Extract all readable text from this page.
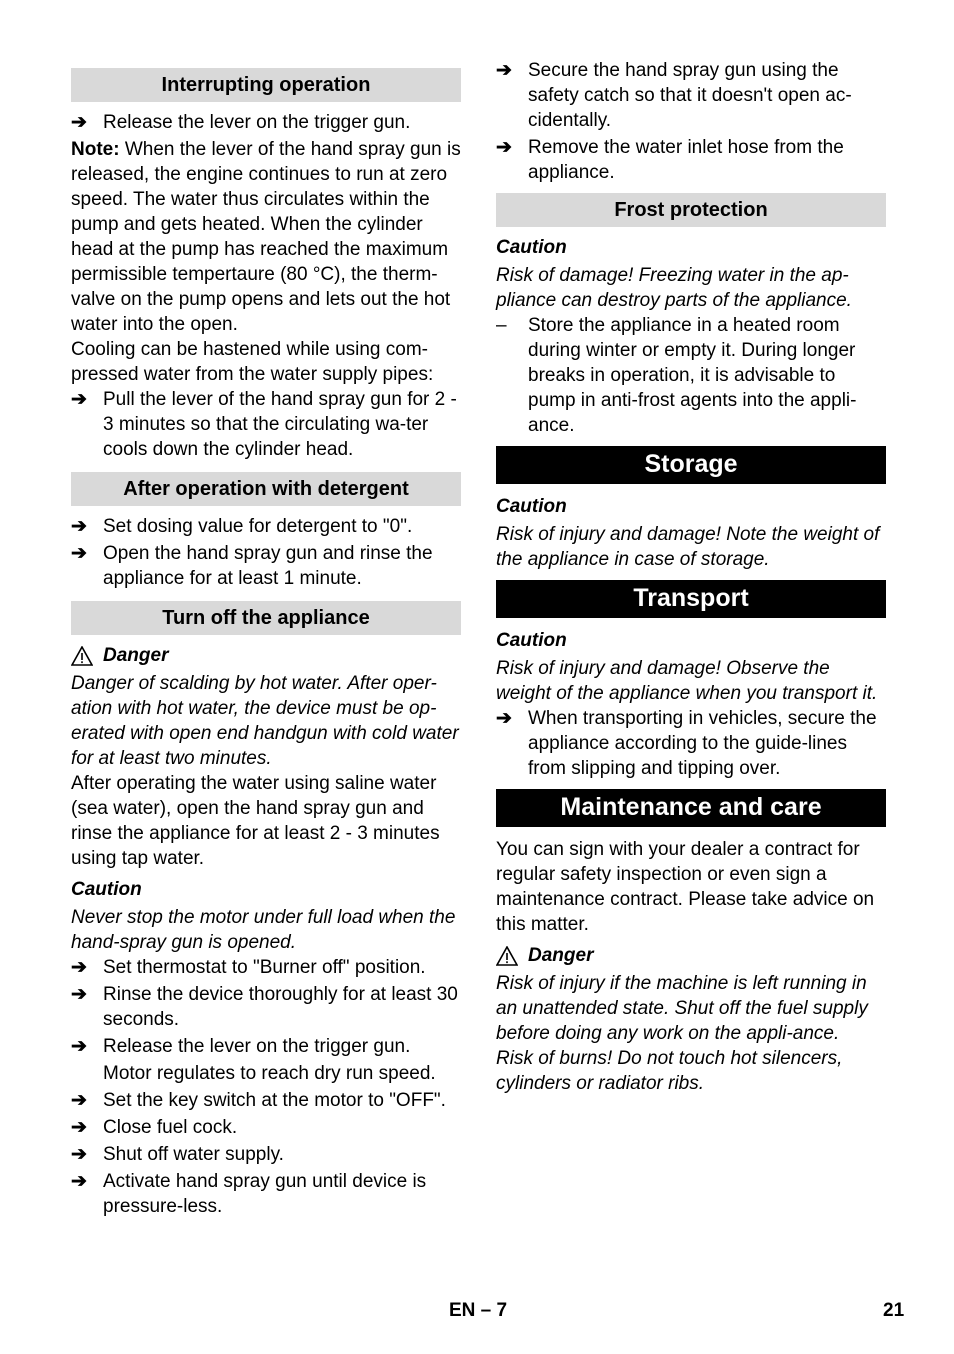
Interrupting operation
➔ Release the lever on the trigger gun.

Note: When the lever of the hand spray gun is released, the engine continues to run at zero speed. The water thus circulates within the pump and gets heated. When the cylinder head at the pump has reached the maximum permissible tempertaure (80 °C), the therm-valve on the pump opens and lets out the hot water into the open.

Cooling can be hastened while using com-pressed water from the water supply pipes:

➔ Pull the lever of the hand spray gun for 2 - 3 minutes so that the circulating wa-ter cools down the cylinder head.
After operation with detergent
➔ Set dosing value for detergent to "0".
➔ Open the hand spray gun and rinse the appliance for at least 1 minute.
Turn off the appliance
Danger

Danger of scalding by hot water. After oper-ation with hot water, the device must be op-erated with open end handgun with cold water for at least two minutes.

After operating the water using saline water (sea water), open the hand spray gun and rinse the appliance for at least 2 - 3 minutes using tap water.

Caution

Never stop the motor under full load when the hand-spray gun is opened.

➔ Set thermostat to "Burner off" position.
➔ Rinse the device thoroughly for at least 30 seconds.
➔ Release the lever on the trigger gun.
Motor regulates to reach dry run speed.
➔ Set the key switch at the motor to "OFF".
➔ Close fuel cock.
➔ Shut off water supply.
➔ Activate hand spray gun until device is pressure-less.
➔ Secure the hand spray gun using the safety catch so that it doesn't open ac-cidentally.
➔ Remove the water inlet hose from the appliance.
Frost protection
Caution

Risk of damage! Freezing water in the ap-pliance can destroy parts of the appliance.

–	Store the appliance in a heated room during winter or empty it. During longer breaks in operation, it is advisable to pump in anti-frost agents into the appli-ance.
Storage
Caution

Risk of injury and damage! Note the weight of the appliance in case of storage.

Transport
Caution

Risk of injury and damage! Observe the weight of the appliance when you transport it.

➔ When transporting in vehicles, secure the appliance according to the guide-lines from slipping and tipping over.
Maintenance and care

You can sign with your dealer a contract for regular safety inspection or even sign a maintenance contract. Please take advice on this matter.

Danger

Risk of injury if the machine is left running in an unattended state. Shut off the fuel supply before doing any work on the appli-ance.

Risk of burns! Do not touch hot silencers, cylinders or radiator ribs.

EN – 7	21
